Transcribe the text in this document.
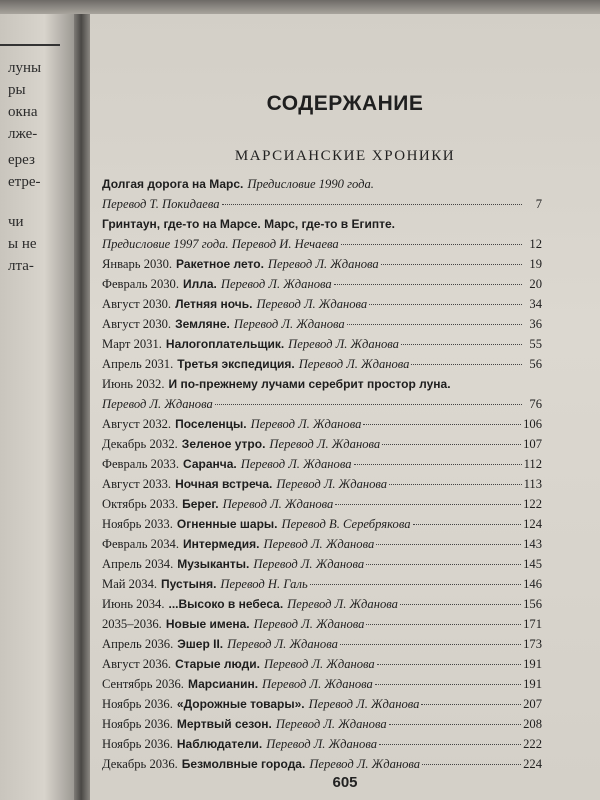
луны
ры
окна
лже-
ерез
етре-
чи
ы не
лта-
СОДЕРЖАНИЕ
МАРСИАНСКИЕ ХРОНИКИ
Долгая дорога на Марс. Предисловие 1990 года.
Перевод Т. Покидаева	7
Гринтаун, где-то на Марсе. Марс, где-то в Египте.
Предисловие 1997 года. Перевод И. Нечаева	12
Январь 2030. Ракетное лето. Перевод Л. Жданова	19
Февраль 2030. Илла. Перевод Л. Жданова	20
Август 2030. Летняя ночь. Перевод Л. Жданова	34
Август 2030. Земляне. Перевод Л. Жданова	36
Март 2031. Налогоплательщик. Перевод Л. Жданова	55
Апрель 2031. Третья экспедиция. Перевод Л. Жданова	56
Июнь 2032. И по-прежнему лучами серебрит простор луна.
Перевод Л. Жданова	76
Август 2032. Поселенцы. Перевод Л. Жданова	106
Декабрь 2032. Зеленое утро. Перевод Л. Жданова	107
Февраль 2033. Саранча. Перевод Л. Жданова	112
Август 2033. Ночная встреча. Перевод Л. Жданова	113
Октябрь 2033. Берег. Перевод Л. Жданова	122
Ноябрь 2033. Огненные шары. Перевод В. Серебрякова	124
Февраль 2034. Интермедия. Перевод Л. Жданова	143
Апрель 2034. Музыканты. Перевод Л. Жданова	145
Май 2034. Пустыня. Перевод Н. Галь	146
Июнь 2034. ...Высоко в небеса. Перевод Л. Жданова	156
2035–2036. Новые имена. Перевод Л. Жданова	171
Апрель 2036. Эшер II. Перевод Л. Жданова	173
Август 2036. Старые люди. Перевод Л. Жданова	191
Сентябрь 2036. Марсианин. Перевод Л. Жданова	191
Ноябрь 2036. «Дорожные товары». Перевод Л. Жданова	207
Ноябрь 2036. Мертвый сезон. Перевод Л. Жданова	208
Ноябрь 2036. Наблюдатели. Перевод Л. Жданова	222
Декабрь 2036. Безмолвные города. Перевод Л. Жданова	224
605
